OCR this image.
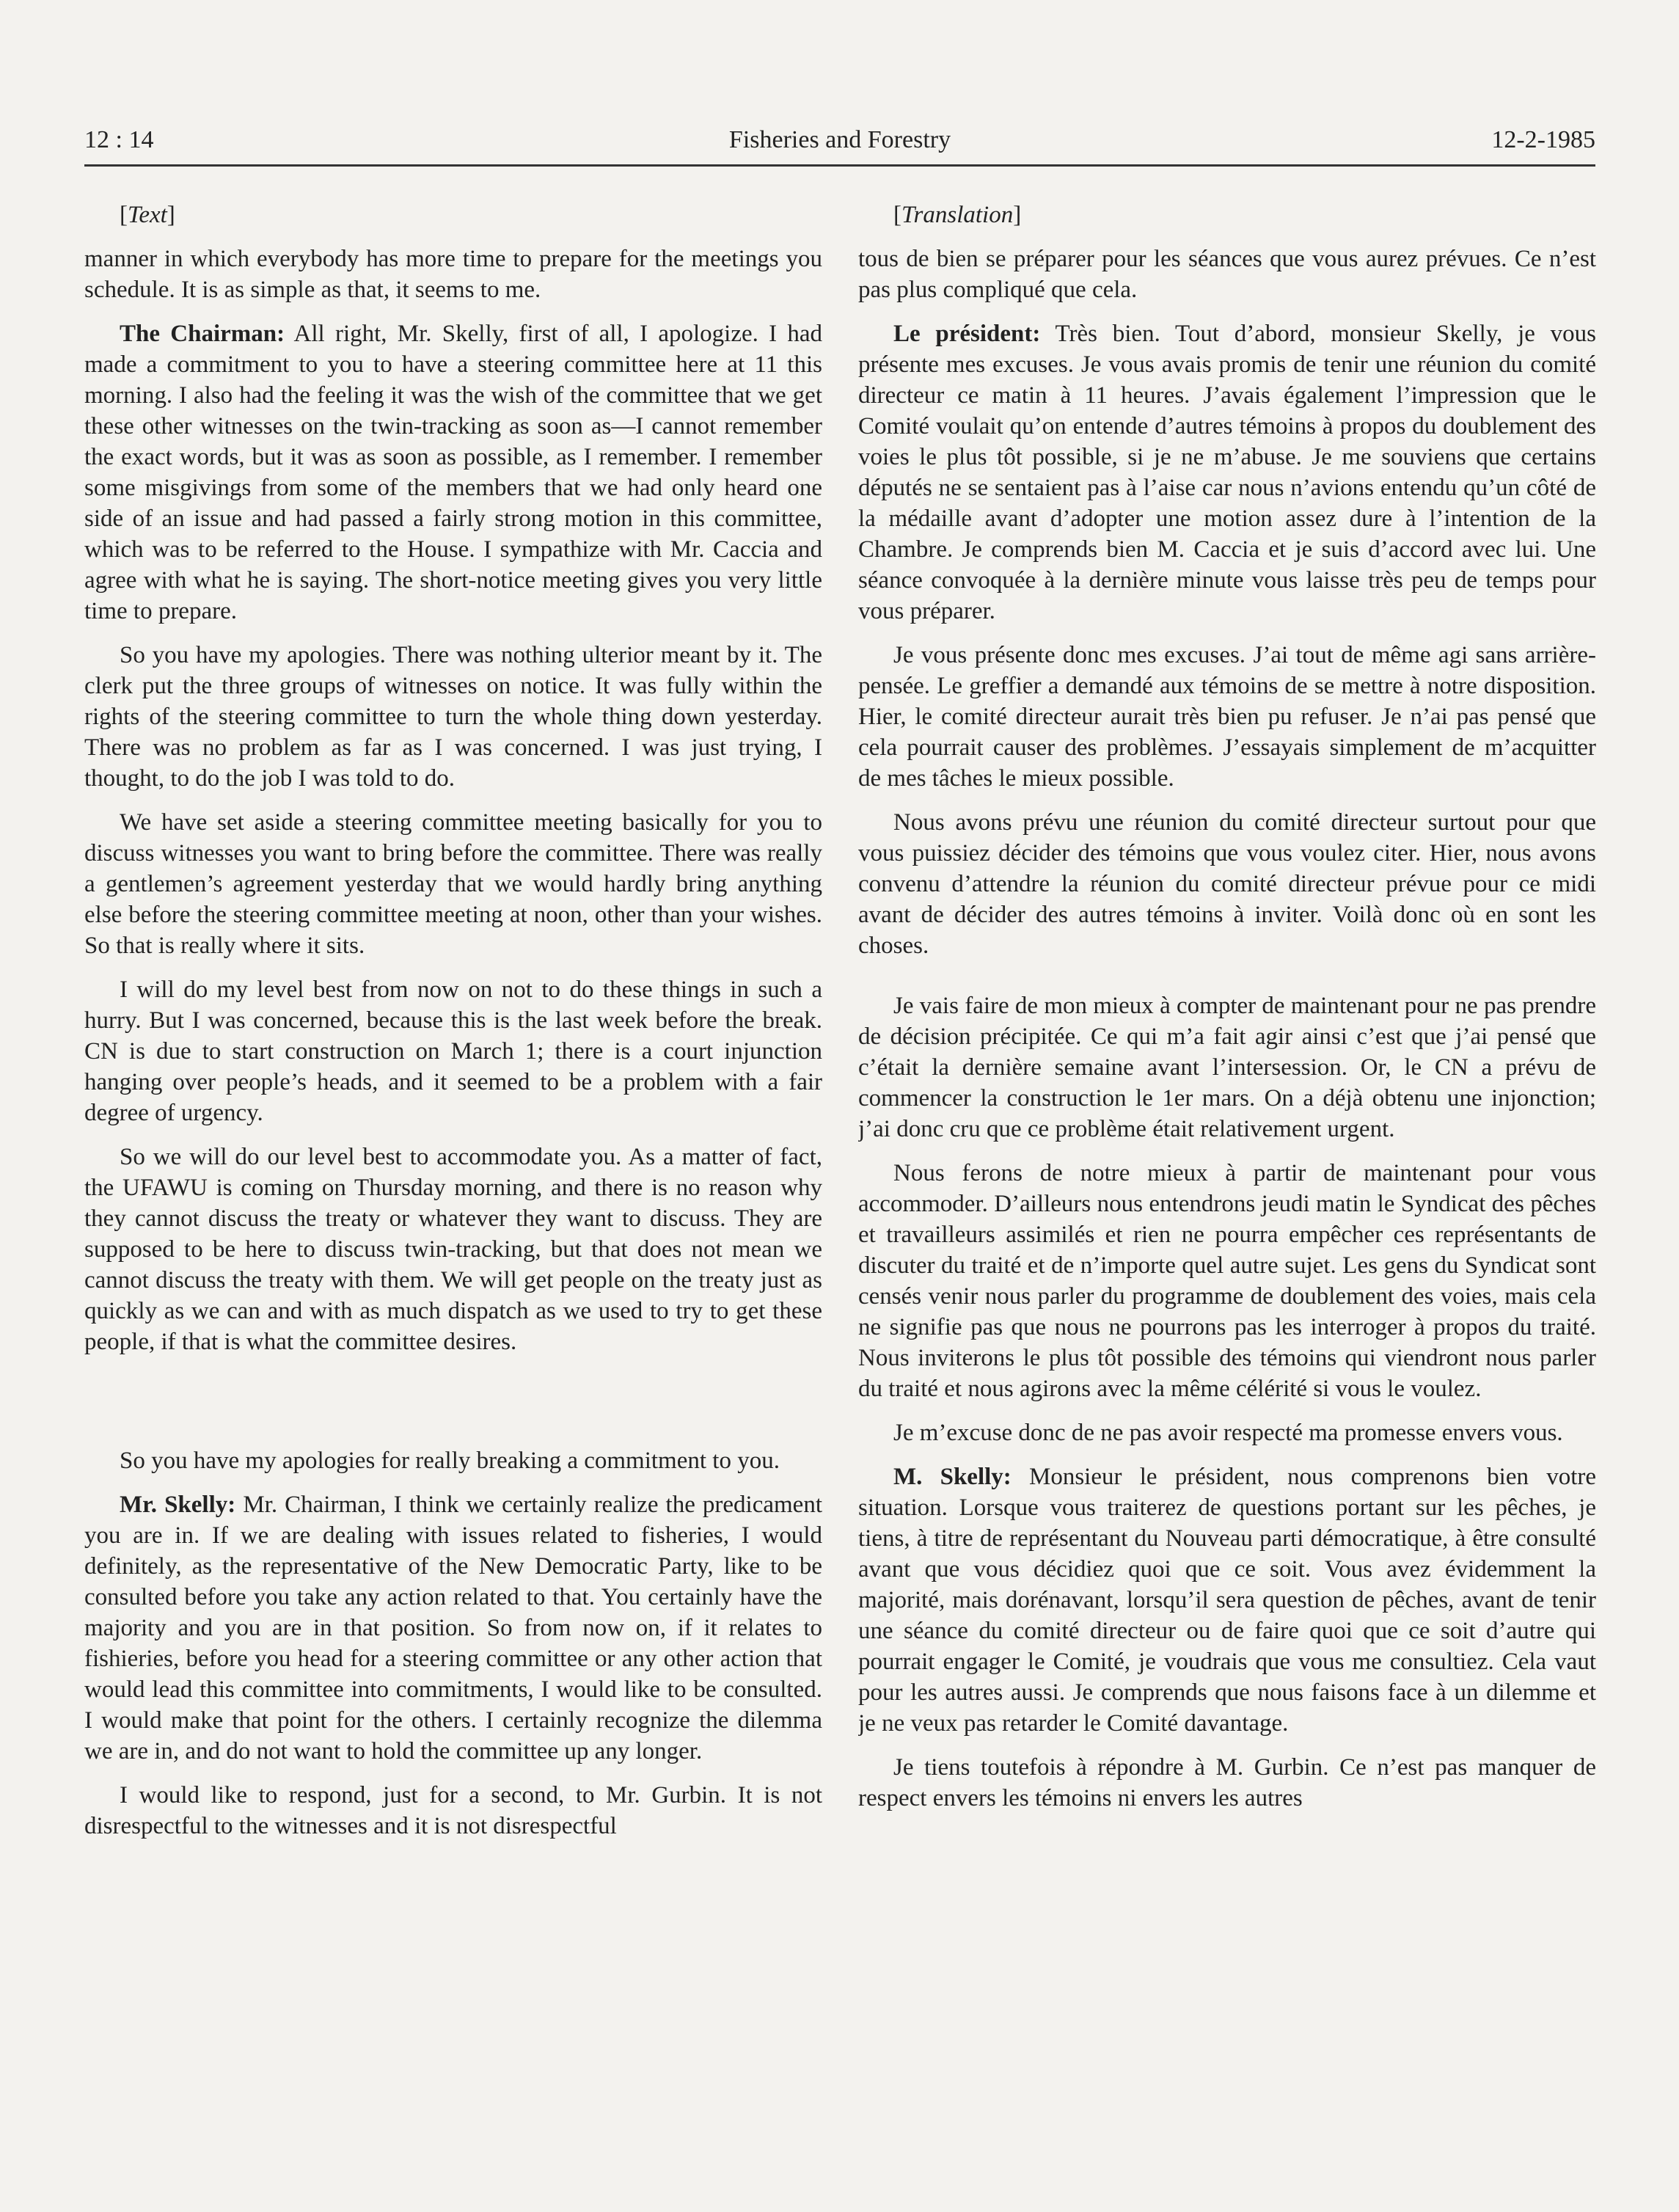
12 : 14	Fisheries and Forestry	12-2-1985

[Text]

manner in which everybody has more time to prepare for the meetings you schedule. It is as simple as that, it seems to me.

The Chairman: All right, Mr. Skelly, first of all, I apologize. I had made a commitment to you to have a steering committee here at 11 this morning. I also had the feeling it was the wish of the committee that we get these other witnesses on the twin-tracking as soon as—I cannot remember the exact words, but it was as soon as possible, as I remember. I remember some misgivings from some of the members that we had only heard one side of an issue and had passed a fairly strong motion in this committee, which was to be referred to the House. I sympathize with Mr. Caccia and agree with what he is saying. The short-notice meeting gives you very little time to prepare.

So you have my apologies. There was nothing ulterior meant by it. The clerk put the three groups of witnesses on notice. It was fully within the rights of the steering committee to turn the whole thing down yesterday. There was no problem as far as I was concerned. I was just trying, I thought, to do the job I was told to do.

We have set aside a steering committee meeting basically for you to discuss witnesses you want to bring before the committee. There was really a gentlemen’s agreement yesterday that we would hardly bring anything else before the steering committee meeting at noon, other than your wishes. So that is really where it sits.

I will do my level best from now on not to do these things in such a hurry. But I was concerned, because this is the last week before the break. CN is due to start construction on March 1; there is a court injunction hanging over people’s heads, and it seemed to be a problem with a fair degree of urgency.

So we will do our level best to accommodate you. As a matter of fact, the UFAWU is coming on Thursday morning, and there is no reason why they cannot discuss the treaty or whatever they want to discuss. They are supposed to be here to discuss twin-tracking, but that does not mean we cannot discuss the treaty with them. We will get people on the treaty just as quickly as we can and with as much dispatch as we used to try to get these people, if that is what the committee desires.

So you have my apologies for really breaking a commitment to you.

Mr. Skelly: Mr. Chairman, I think we certainly realize the predicament you are in. If we are dealing with issues related to fisheries, I would definitely, as the representative of the New Democratic Party, like to be consulted before you take any action related to that. You certainly have the majority and you are in that position. So from now on, if it relates to fishieries, before you head for a steering committee or any other action that would lead this committee into commitments, I would like to be consulted. I would make that point for the others. I certainly recognize the dilemma we are in, and do not want to hold the committee up any longer.

I would like to respond, just for a second, to Mr. Gurbin. It is not disrespectful to the witnesses and it is not disrespectful

[Translation]

tous de bien se préparer pour les séances que vous aurez prévues. Ce n’est pas plus compliqué que cela.

Le président: Très bien. Tout d’abord, monsieur Skelly, je vous présente mes excuses. Je vous avais promis de tenir une réunion du comité directeur ce matin à 11 heures. J’avais également l’impression que le Comité voulait qu’on entende d’autres témoins à propos du doublement des voies le plus tôt possible, si je ne m’abuse. Je me souviens que certains députés ne se sentaient pas à l’aise car nous n’avions entendu qu’un côté de la médaille avant d’adopter une motion assez dure à l’intention de la Chambre. Je comprends bien M. Caccia et je suis d’accord avec lui. Une séance convoquée à la dernière minute vous laisse très peu de temps pour vous préparer.

Je vous présente donc mes excuses. J’ai tout de même agi sans arrière-pensée. Le greffier a demandé aux témoins de se mettre à notre disposition. Hier, le comité directeur aurait très bien pu refuser. Je n’ai pas pensé que cela pourrait causer des problèmes. J’essayais simplement de m’acquitter de mes tâches le mieux possible.

Nous avons prévu une réunion du comité directeur surtout pour que vous puissiez décider des témoins que vous voulez citer. Hier, nous avons convenu d’attendre la réunion du comité directeur prévue pour ce midi avant de décider des autres témoins à inviter. Voilà donc où en sont les choses.

Je vais faire de mon mieux à compter de maintenant pour ne pas prendre de décision précipitée. Ce qui m’a fait agir ainsi c’est que j’ai pensé que c’était la dernière semaine avant l’intersession. Or, le CN a prévu de commencer la construction le 1er mars. On a déjà obtenu une injonction; j’ai donc cru que ce problème était relativement urgent.

Nous ferons de notre mieux à partir de maintenant pour vous accommoder. D’ailleurs nous entendrons jeudi matin le Syndicat des pêches et travailleurs assimilés et rien ne pourra empêcher ces représentants de discuter du traité et de n’importe quel autre sujet. Les gens du Syndicat sont censés venir nous parler du programme de doublement des voies, mais cela ne signifie pas que nous ne pourrons pas les interroger à propos du traité. Nous inviterons le plus tôt possible des témoins qui viendront nous parler du traité et nous agirons avec la même célérité si vous le voulez.

Je m’excuse donc de ne pas avoir respecté ma promesse envers vous.

M. Skelly: Monsieur le président, nous comprenons bien votre situation. Lorsque vous traiterez de questions portant sur les pêches, je tiens, à titre de représentant du Nouveau parti démocratique, à être consulté avant que vous décidiez quoi que ce soit. Vous avez évidemment la majorité, mais dorénavant, lorsqu’il sera question de pêches, avant de tenir une séance du comité directeur ou de faire quoi que ce soit d’autre qui pourrait engager le Comité, je voudrais que vous me consultiez. Cela vaut pour les autres aussi. Je comprends que nous faisons face à un dilemme et je ne veux pas retarder le Comité davantage.

Je tiens toutefois à répondre à M. Gurbin. Ce n’est pas manquer de respect envers les témoins ni envers les autres
